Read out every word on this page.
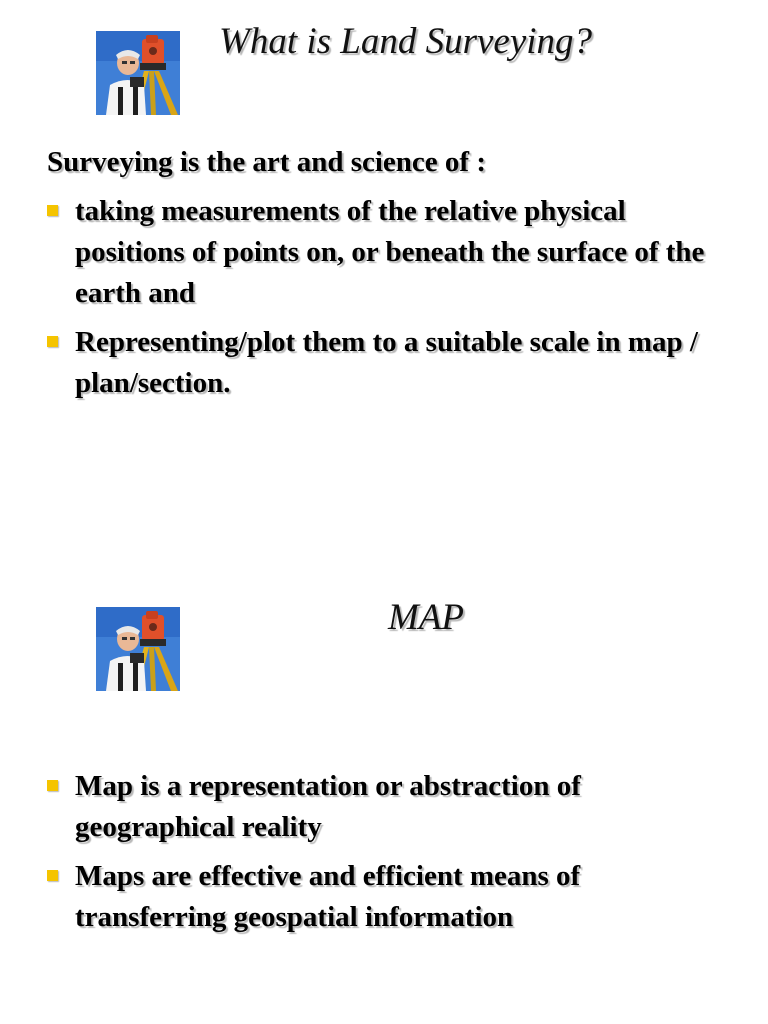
What is Land Surveying?
Surveying is the art and science of :
taking measurements of the relative physical positions of points on, or beneath the surface of the earth and
Representing/plot them to a suitable scale in map / plan/section.
MAP
Map is a representation or abstraction of geographical reality
Maps are effective and efficient means of transferring geospatial information
